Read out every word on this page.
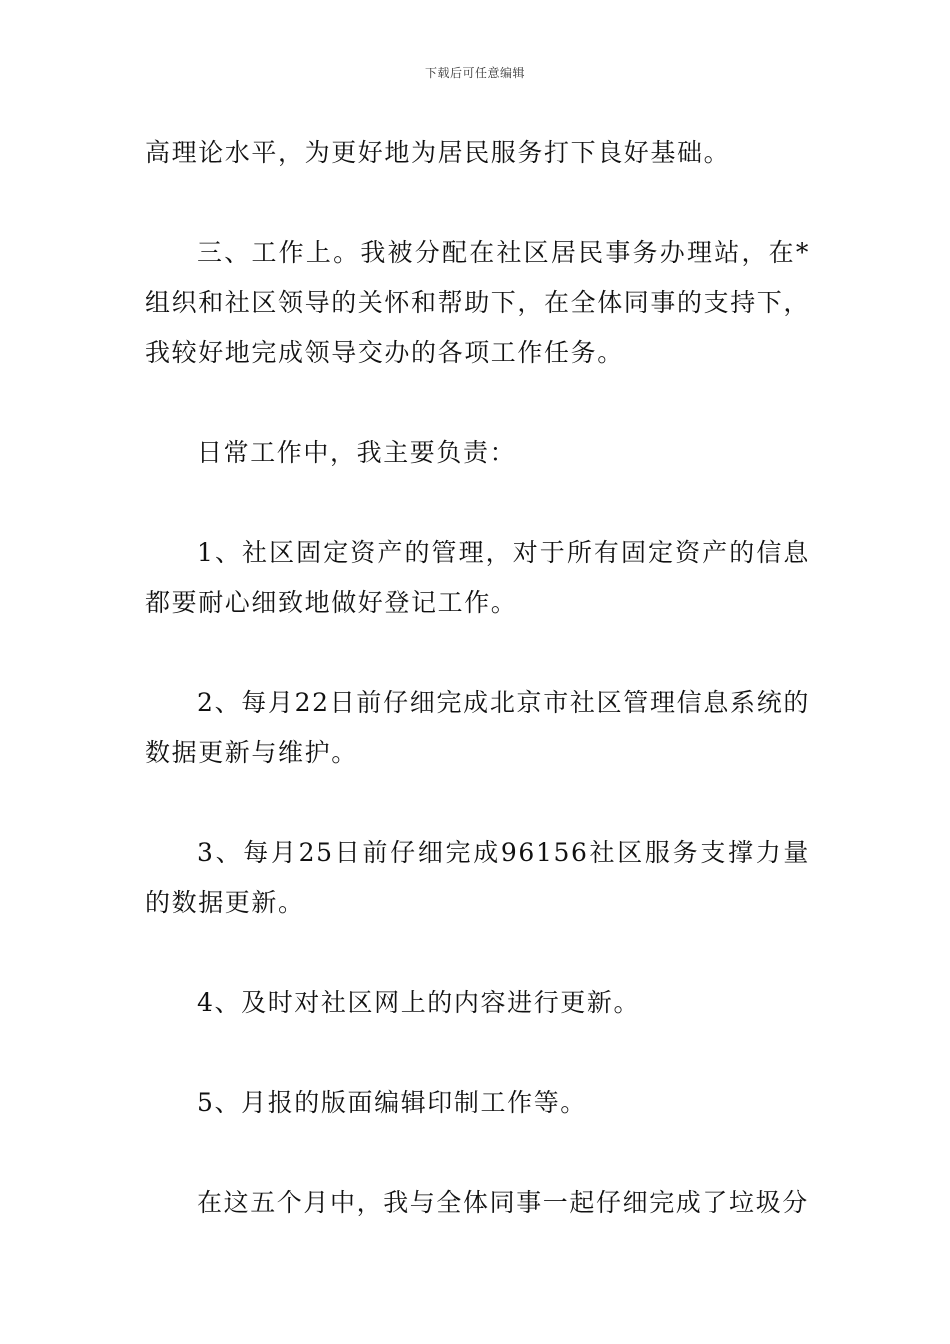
下载后可任意编辑

高理论水平，为更好地为居民服务打下良好基础。

三、工作上。我被分配在社区居民事务办理站，在*组织和社区领导的关怀和帮助下，在全体同事的支持下，我较好地完成领导交办的各项工作任务。

日常工作中，我主要负责：

1、社区固定资产的管理，对于所有固定资产的信息都要耐心细致地做好登记工作。

2、每月22日前仔细完成北京市社区管理信息系统的数据更新与维护。

3、每月25日前仔细完成96156社区服务支撑力量的数据更新。

4、及时对社区网上的内容进行更新。

5、月报的版面编辑印制工作等。

在这五个月中，我与全体同事一起仔细完成了垃圾分
